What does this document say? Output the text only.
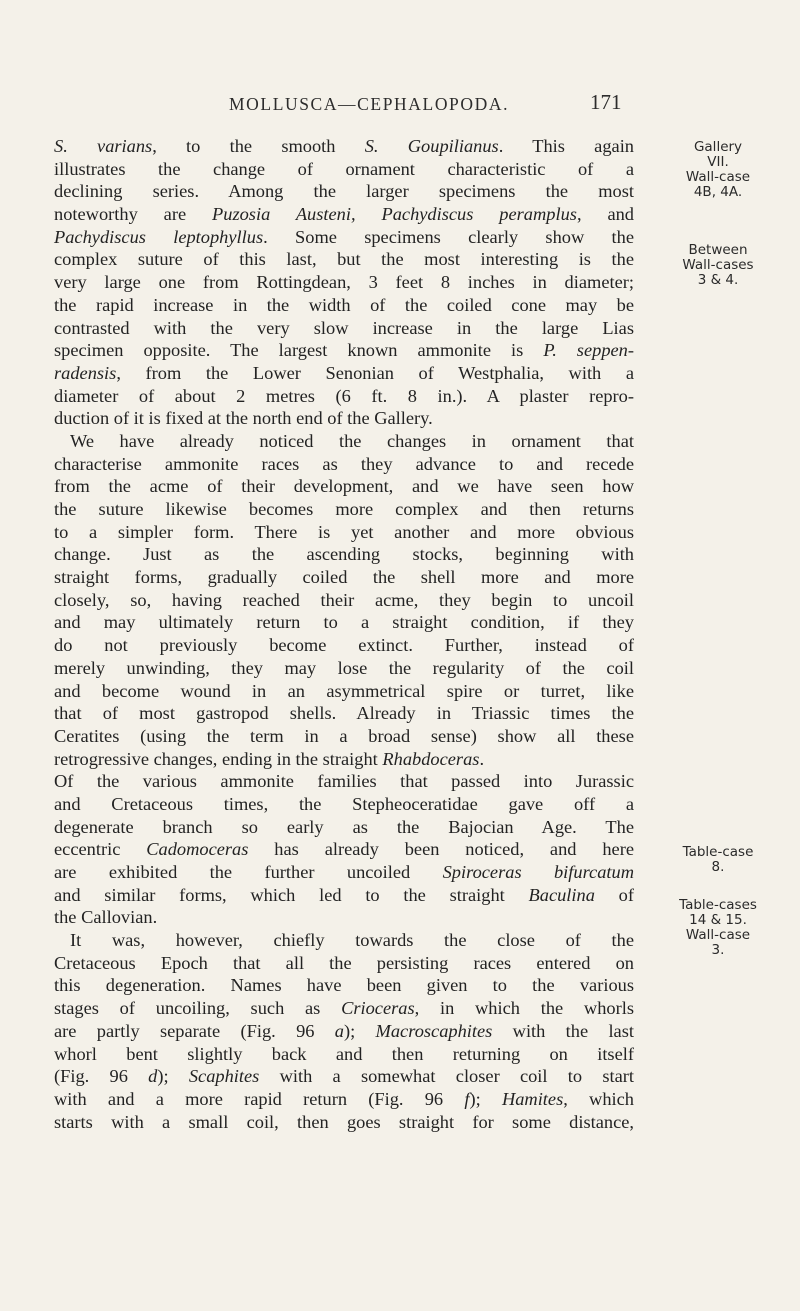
MOLLUSCA—CEPHALOPODA.	171
S. varians, to the smooth S. Goupilianus. This again
illustrates the change of ornament characteristic of a
declining series. Among the larger specimens the most
noteworthy are Puzosia Austeni, Pachydiscus peramplus, and
Pachydiscus leptophyllus. Some specimens clearly show the
complex suture of this last, but the most interesting is the
very large one from Rottingdean, 3 feet 8 inches in diameter;
the rapid increase in the width of the coiled cone may be
contrasted with the very slow increase in the large Lias
specimen opposite. The largest known ammonite is P. seppen-
radensis, from the Lower Senonian of Westphalia, with a
diameter of about 2 metres (6 ft. 8 in.). A plaster repro-
duction of it is fixed at the north end of the Gallery.
We have already noticed the changes in ornament that
characterise ammonite races as they advance to and recede
from the acme of their development, and we have seen how
the suture likewise becomes more complex and then returns
to a simpler form. There is yet another and more obvious
change. Just as the ascending stocks, beginning with
straight forms, gradually coiled the shell more and more
closely, so, having reached their acme, they begin to uncoil
and may ultimately return to a straight condition, if they
do not previously become extinct. Further, instead of
merely unwinding, they may lose the regularity of the coil
and become wound in an asymmetrical spire or turret, like
that of most gastropod shells. Already in Triassic times the
Ceratites (using the term in a broad sense) show all these
retrogressive changes, ending in the straight Rhabdoceras.
Of the various ammonite families that passed into Jurassic
and Cretaceous times, the Stepheoceratidae gave off a
degenerate branch so early as the Bajocian Age. The
eccentric Cadomoceras has already been noticed, and here
are exhibited the further uncoiled Spiroceras bifurcatum
and similar forms, which led to the straight Baculina of
the Callovian.
It was, however, chiefly towards the close of the
Cretaceous Epoch that all the persisting races entered on
this degeneration. Names have been given to the various
stages of uncoiling, such as Crioceras, in which the whorls
are partly separate (Fig. 96 a); Macroscaphites with the last
whorl bent slightly back and then returning on itself
(Fig. 96 d); Scaphites with a somewhat closer coil to start
with and a more rapid return (Fig. 96 f); Hamites, which
starts with a small coil, then goes straight for some distance,
Gallery
VII.
Wall-case
4B, 4A.
Between
Wall-cases
3 & 4.
Table-case
8.
Table-cases
14 & 15.
Wall-case
3.
